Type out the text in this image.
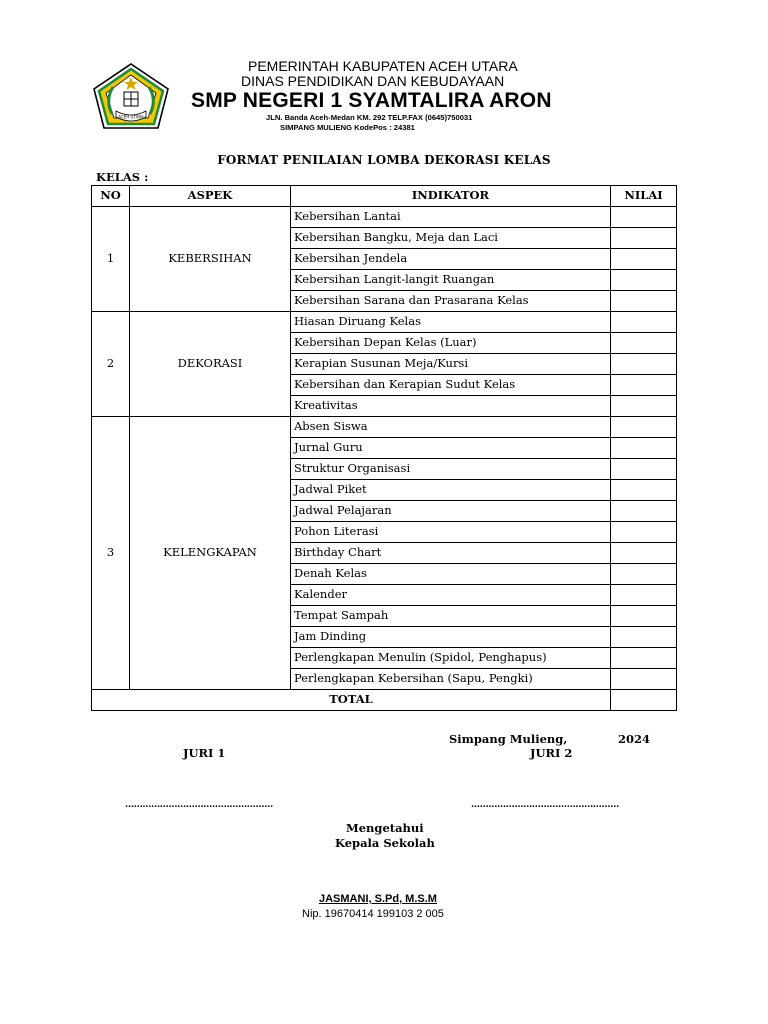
ACEH UTARA
PEMERINTAH KABUPATEN ACEH UTARA
DINAS PENDIDIKAN DAN KEBUDAYAAN
SMP NEGERI 1 SYAMTALIRA ARON
JLN. Banda Aceh-Medan KM. 292 TELP.FAX (0645)750031
SIMPANG MULIENG KodePos : 24381
FORMAT PENILAIAN LOMBA DEKORASI KELAS
KELAS :
NO	ASPEK	INDIKATOR	NILAI
1	KEBERSIHAN	Kebersihan Lantai	
		Kebersihan Bangku, Meja dan Laci	
		Kebersihan Jendela	
		Kebersihan Langit-langit Ruangan	
		Kebersihan Sarana dan Prasarana Kelas	
2	DEKORASI	Hiasan Diruang Kelas	
		Kebersihan Depan Kelas (Luar)	
		Kerapian Susunan Meja/Kursi	
		Kebersihan dan Kerapian Sudut Kelas	
		Kreativitas	
3	KELENGKAPAN	Absen Siswa	
		Jurnal Guru	
		Struktur Organisasi	
		Jadwal Piket	
		Jadwal Pelajaran	
		Pohon Literasi	
		Birthday Chart	
		Denah Kelas	
		Kalender	
		Tempat Sampah	
		Jam Dinding	
		Perlengkapan Menulin (Spidol, Penghapus)	
		Perlengkapan Kebersihan (Sapu, Pengki)	
TOTAL			
Simpang Mulieng,	2024
JURI 1	JURI 2
……………………………………………	……………………………………………
Mengetahui
Kepala Sekolah
JASMANI, S.Pd, M.S.M
Nip. 19670414 199103 2 005
